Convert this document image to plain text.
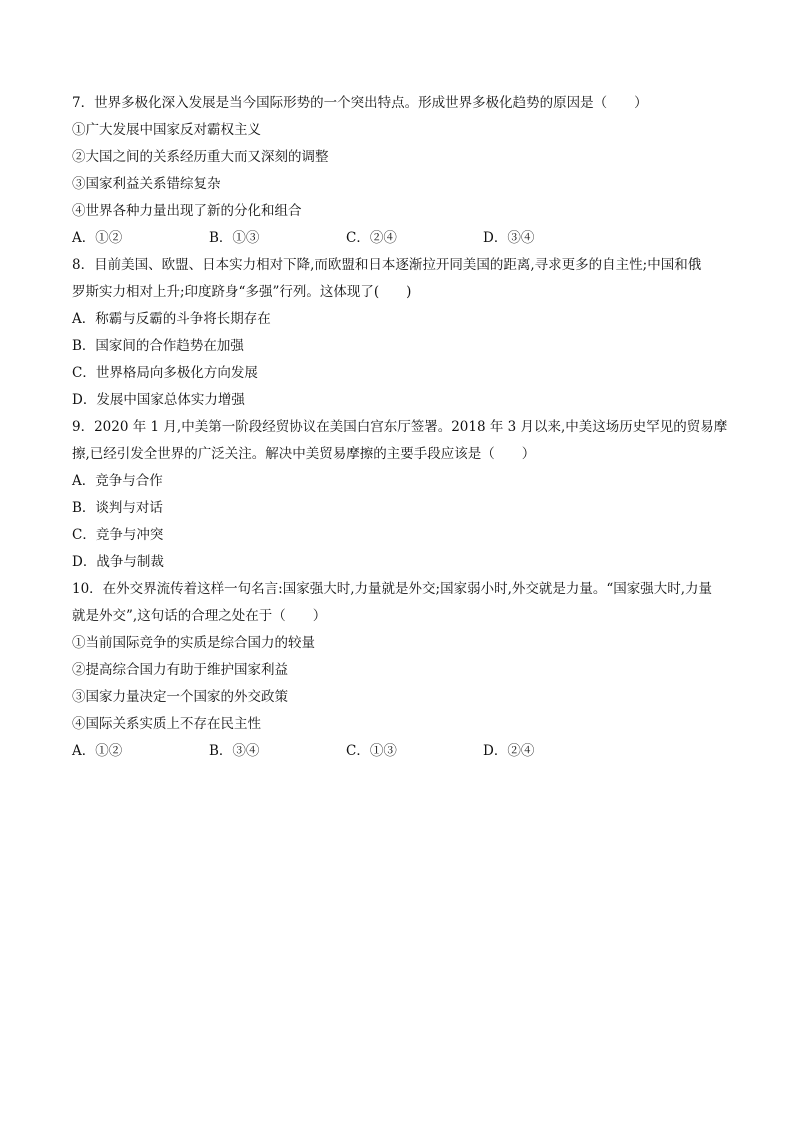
7．世界多极化深入发展是当今国际形势的一个突出特点。形成世界多极化趋势的原因是（　　）
①广大发展中国家反对霸权主义
②大国之间的关系经历重大而又深刻的调整
③国家利益关系错综复杂
④世界各种力量出现了新的分化和组合
A．①②	B．①③	C．②④	D．③④
8．目前美国、欧盟、日本实力相对下降,而欧盟和日本逐渐拉开同美国的距离,寻求更多的自主性;中国和俄
罗斯实力相对上升;印度跻身“多强”行列。这体现了(　　)
A．称霸与反霸的斗争将长期存在
B．国家间的合作趋势在加强
C．世界格局向多极化方向发展
D．发展中国家总体实力增强
9．2020 年 1 月,中美第一阶段经贸协议在美国白宫东厅签署。2018 年 3 月以来,中美这场历史罕见的贸易摩
擦,已经引发全世界的广泛关注。解决中美贸易摩擦的主要手段应该是（　　）
A．竞争与合作
B．谈判与对话
C．竞争与冲突
D．战争与制裁
10．在外交界流传着这样一句名言:国家强大时,力量就是外交;国家弱小时,外交就是力量。“国家强大时,力量
就是外交”,这句话的合理之处在于（　　）
①当前国际竞争的实质是综合国力的较量
②提高综合国力有助于维护国家利益
③国家力量决定一个国家的外交政策
④国际关系实质上不存在民主性
A．①②	B．③④	C．①③	D．②④
